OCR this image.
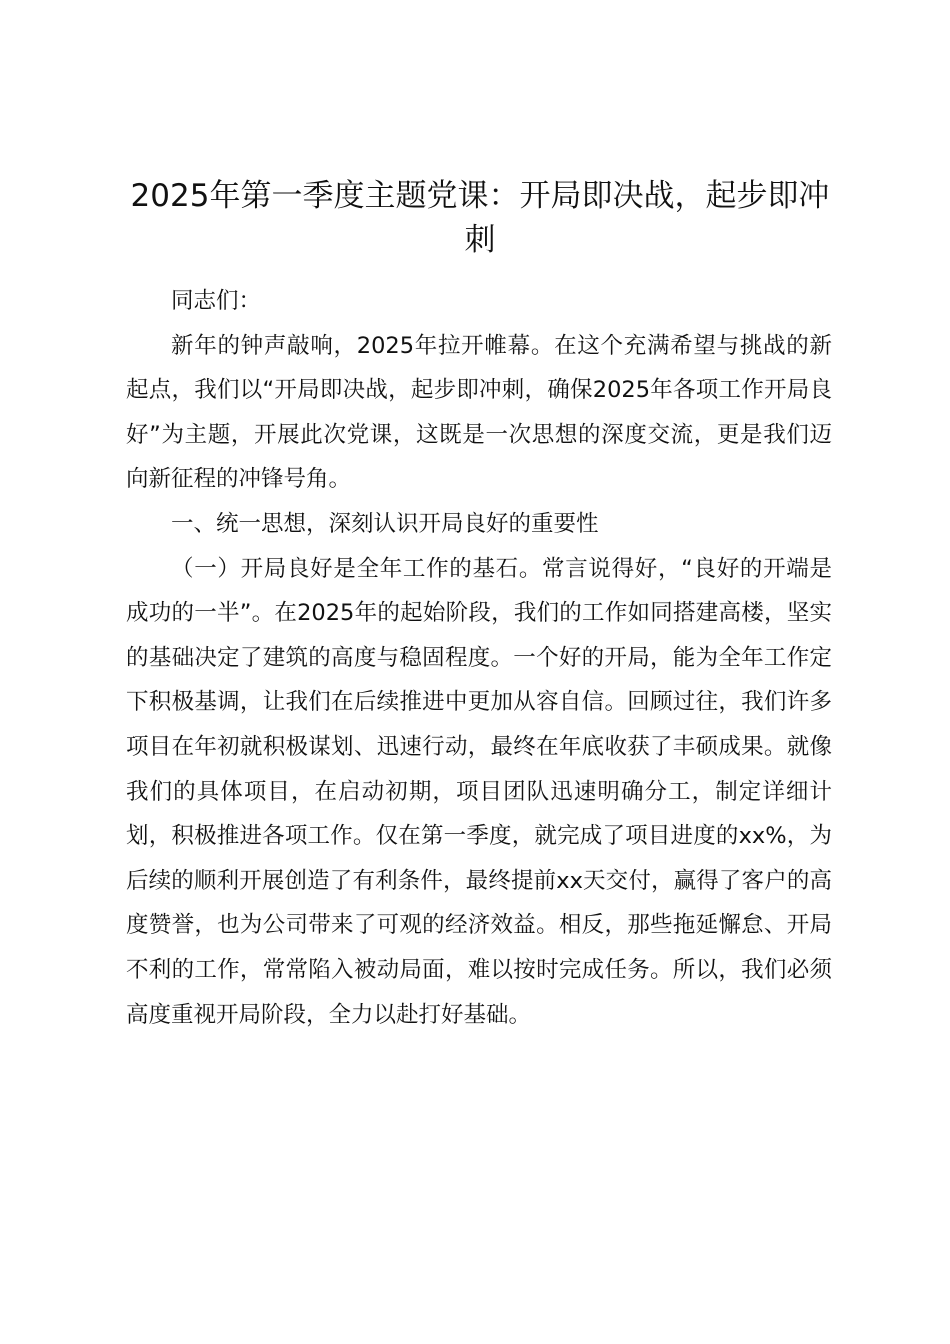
2025年第一季度主题党课：开局即决战，起步即冲刺

同志们：

新年的钟声敲响，2025年拉开帷幕。在这个充满希望与挑战的新起点，我们以“开局即决战，起步即冲刺，确保2025年各项工作开局良好”为主题，开展此次党课，这既是一次思想的深度交流，更是我们迈向新征程的冲锋号角。

一、统一思想，深刻认识开局良好的重要性

（一）开局良好是全年工作的基石。常言说得好，“良好的开端是成功的一半”。在2025年的起始阶段，我们的工作如同搭建高楼，坚实的基础决定了建筑的高度与稳固程度。一个好的开局，能为全年工作定下积极基调，让我们在后续推进中更加从容自信。回顾过往，我们许多项目在年初就积极谋划、迅速行动，最终在年底收获了丰硕成果。就像我们的具体项目，在启动初期，项目团队迅速明确分工，制定详细计划，积极推进各项工作。仅在第一季度，就完成了项目进度的xx%，为后续的顺利开展创造了有利条件，最终提前xx天交付，赢得了客户的高度赞誉，也为公司带来了可观的经济效益。相反，那些拖延懈怠、开局不利的工作，常常陷入被动局面，难以按时完成任务。所以，我们必须高度重视开局阶段，全力以赴打好基础。
